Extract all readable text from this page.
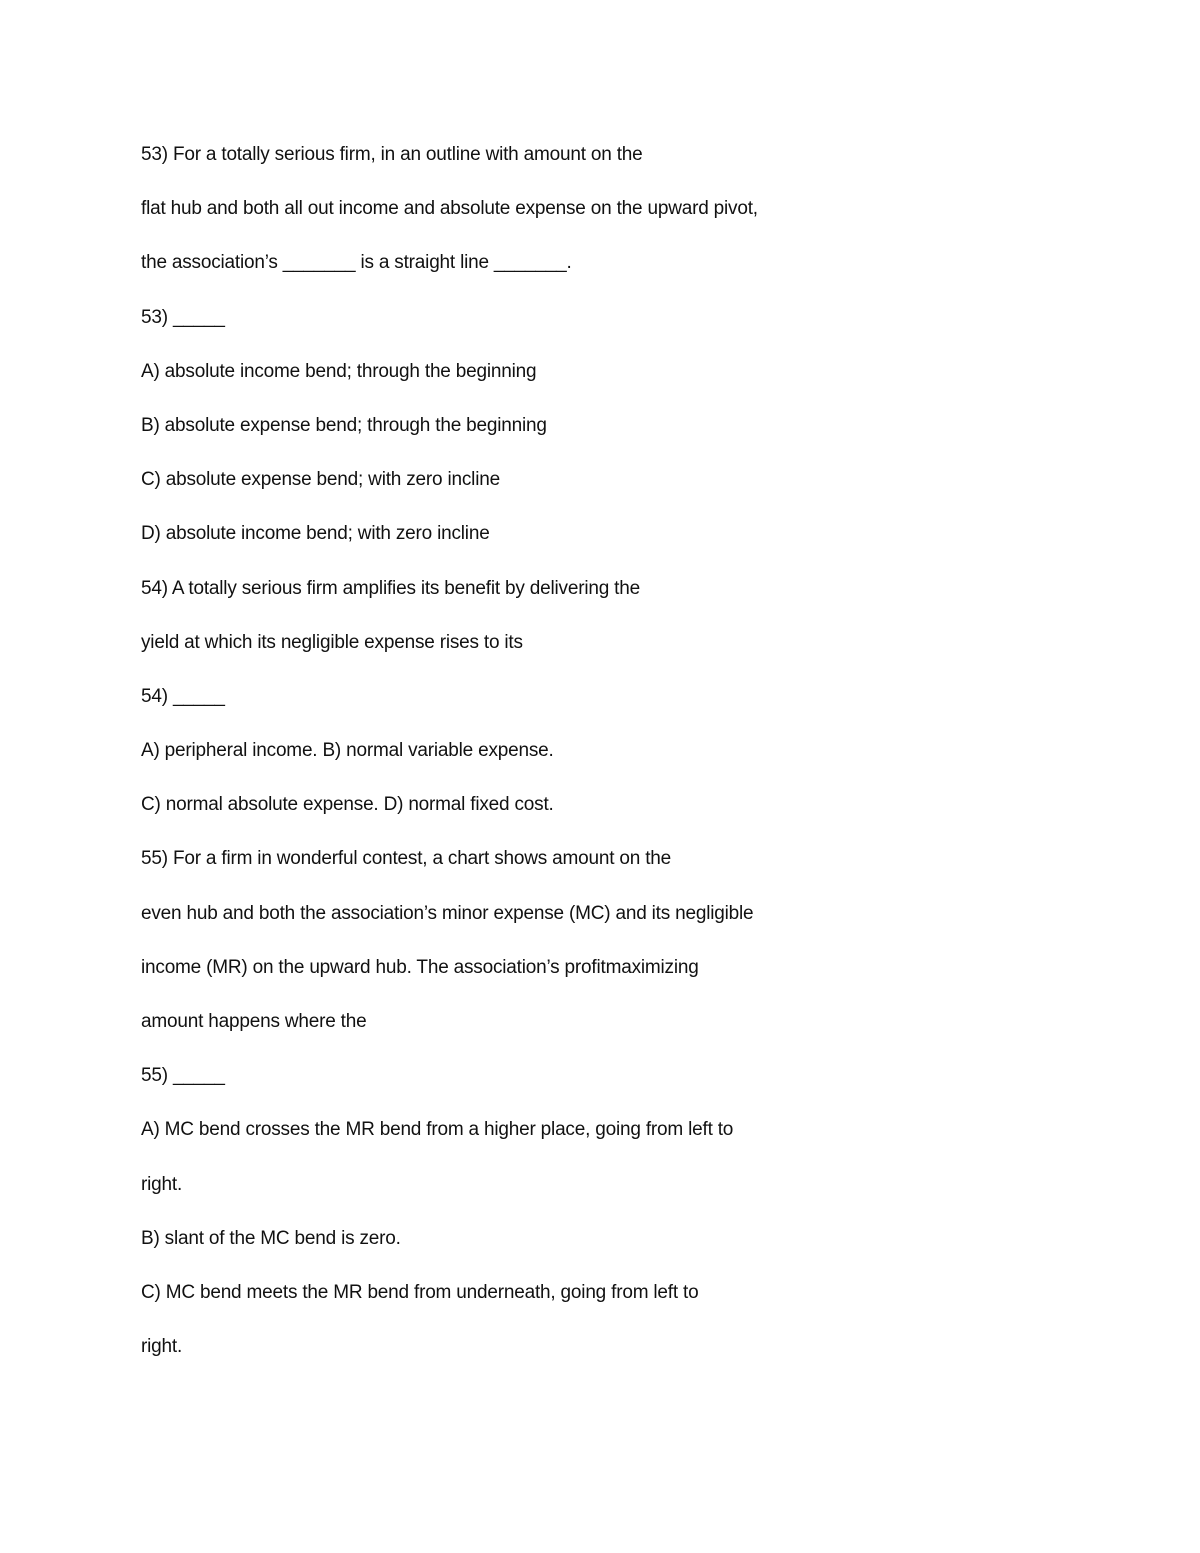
53) For a totally serious firm, in an outline with amount on the
flat hub and both all out income and absolute expense on the upward pivot,
the association’s _______ is a straight line _______.
53) _____
A) absolute income bend; through the beginning
B) absolute expense bend; through the beginning
C) absolute expense bend; with zero incline
D) absolute income bend; with zero incline
54) A totally serious firm amplifies its benefit by delivering the
yield at which its negligible expense rises to its
54) _____
A) peripheral income. B) normal variable expense.
C) normal absolute expense. D) normal fixed cost.
55) For a firm in wonderful contest, a chart shows amount on the
even hub and both the association’s minor expense (MC) and its negligible
income (MR) on the upward hub. The association’s profitmaximizing
amount happens where the
55) _____
A) MC bend crosses the MR bend from a higher place, going from left to
right.
B) slant of the MC bend is zero.
C) MC bend meets the MR bend from underneath, going from left to
right.
